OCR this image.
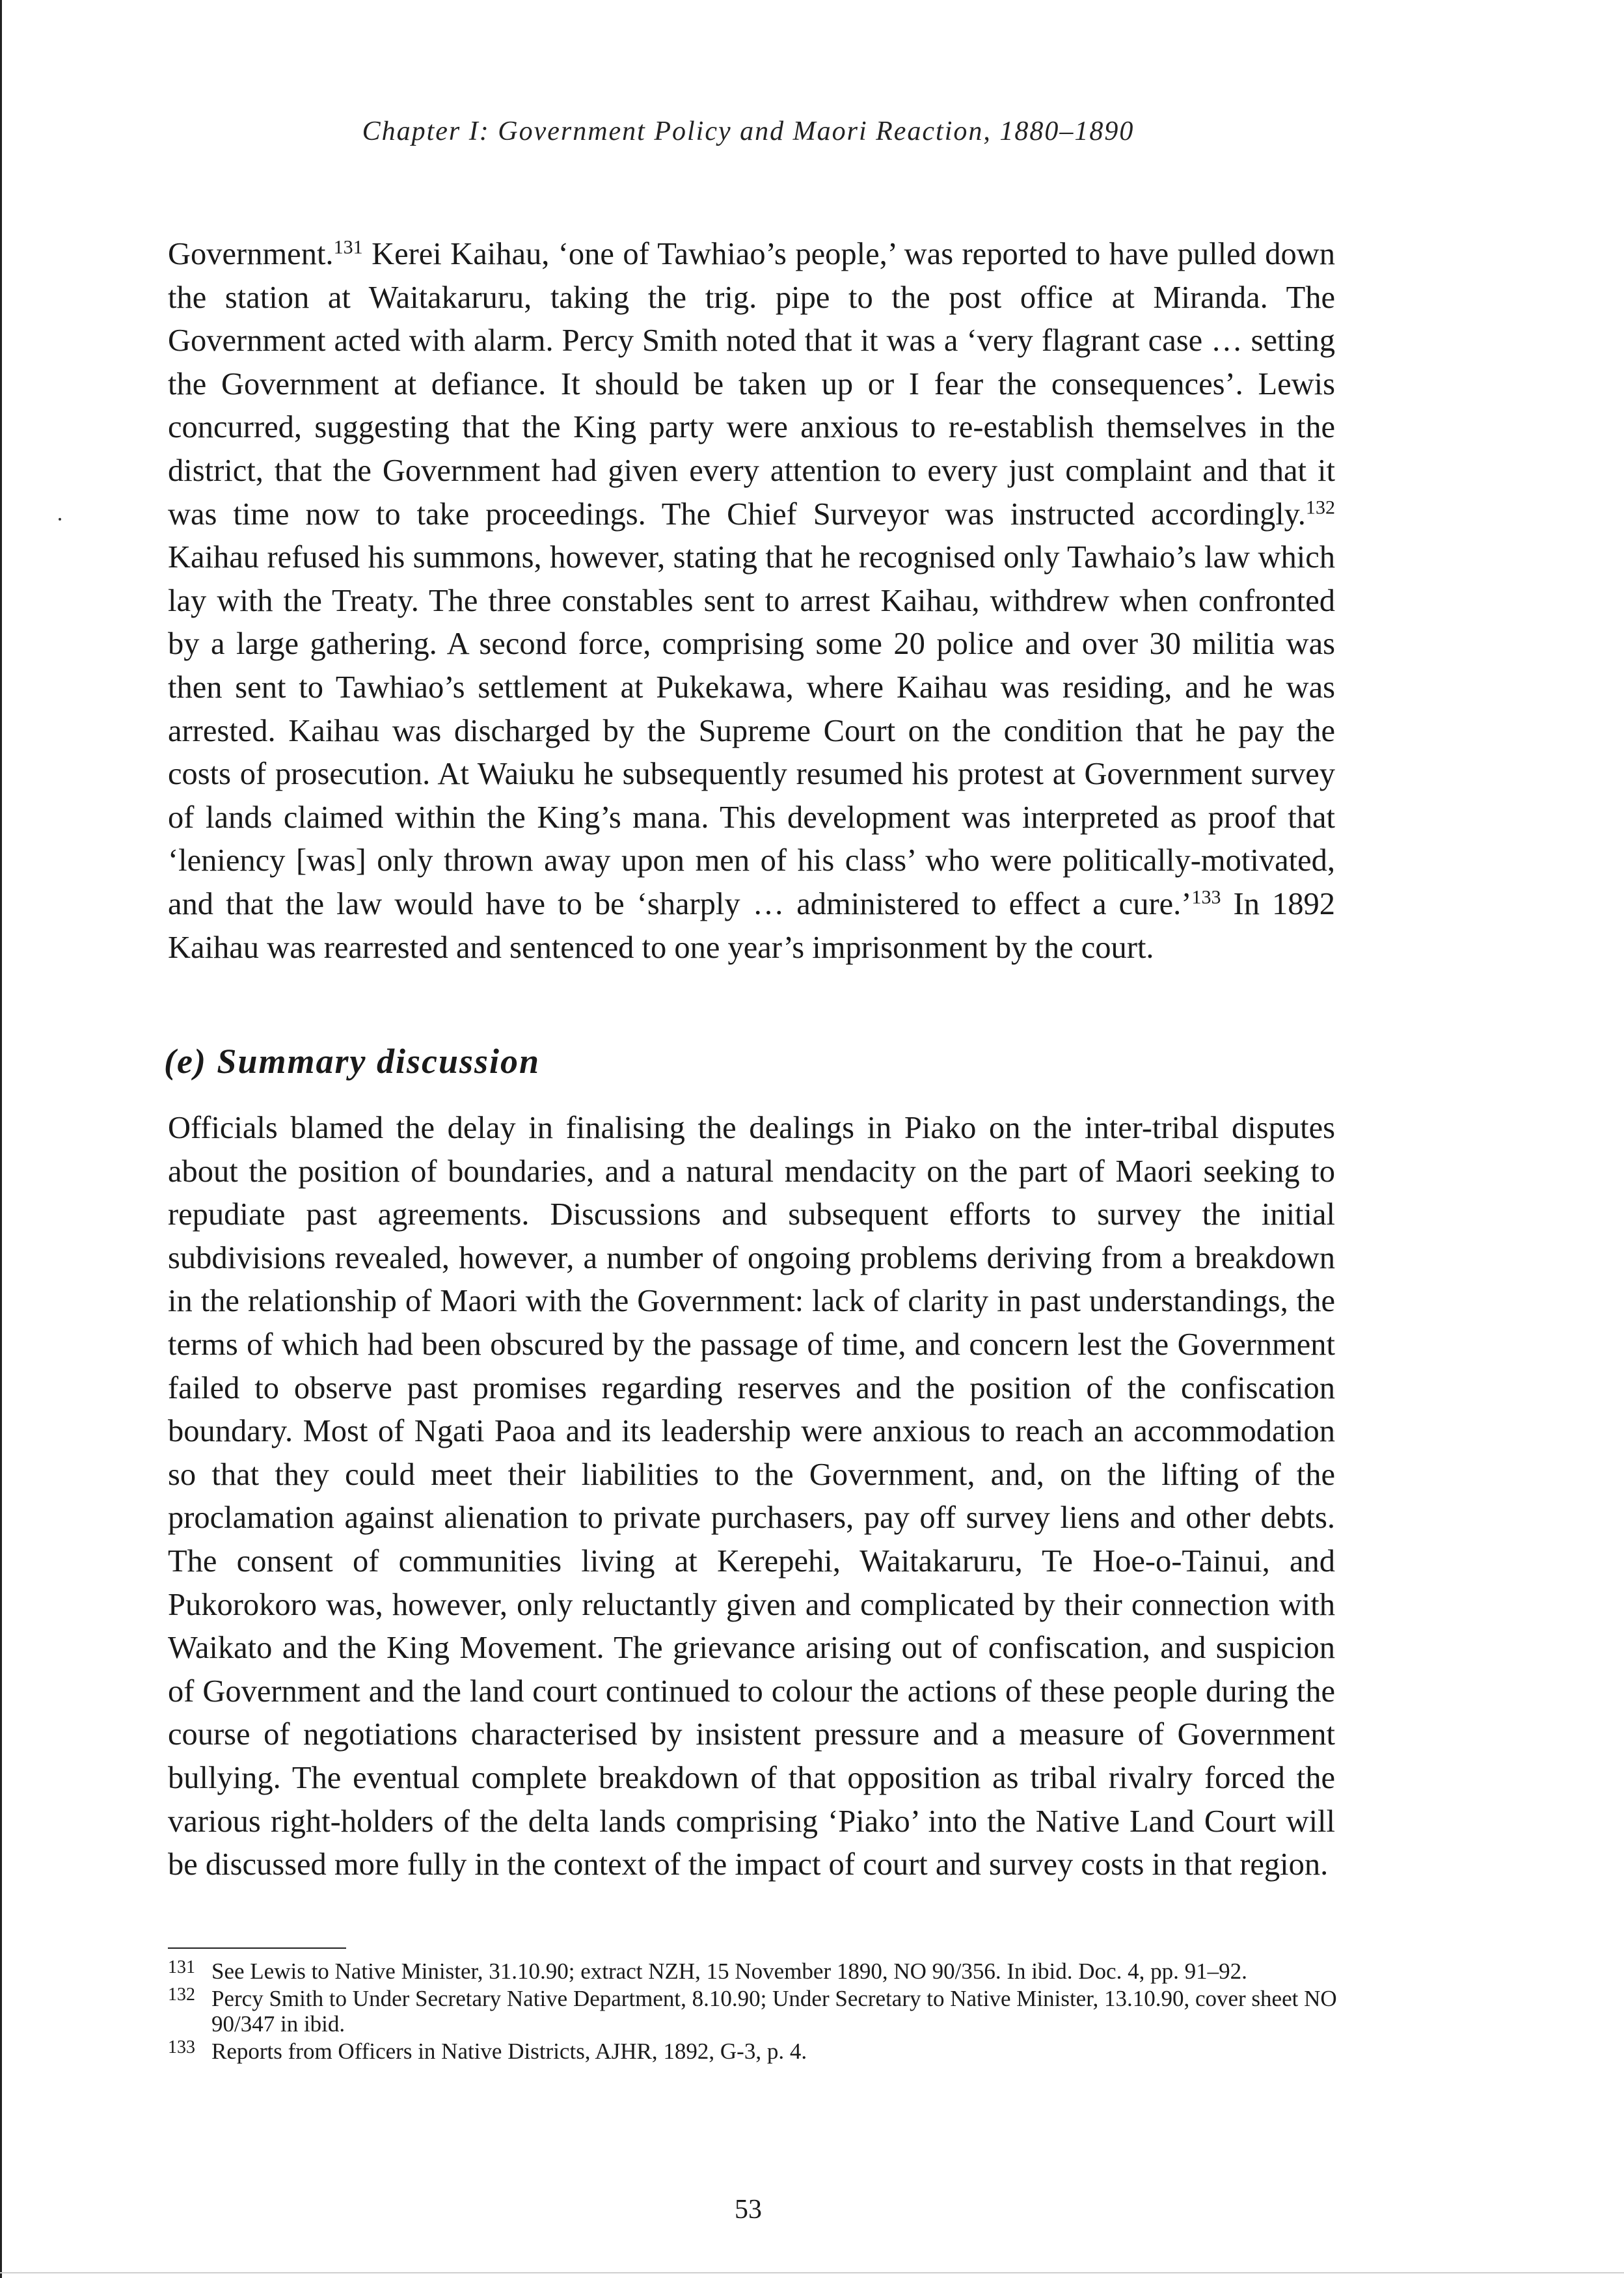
Chapter I: Government Policy and Maori Reaction, 1880–1890

Government.$^{131}$ Kerei Kaihau, ‘one of Tawhiao’s people,’ was reported to have pulled down the station at Waitakaruru, taking the trig. pipe to the post office at Miranda. The Government acted with alarm. Percy Smith noted that it was a ‘very flagrant case … setting the Government at defiance. It should be taken up or I fear the consequences’. Lewis concurred, suggesting that the King party were anxious to re-establish themselves in the district, that the Government had given every attention to every just complaint and that it was time now to take proceedings. The Chief Surveyor was instructed accordingly.$^{132}$ Kaihau refused his summons, however, stating that he recognised only Tawhaio’s law which lay with the Treaty. The three constables sent to arrest Kaihau, withdrew when confronted by a large gathering. A second force, comprising some 20 police and over 30 militia was then sent to Tawhiao’s settlement at Pukekawa, where Kaihau was residing, and he was arrested. Kaihau was discharged by the Supreme Court on the condition that he pay the costs of prosecution. At Waiuku he subsequently resumed his protest at Government survey of lands claimed within the King’s mana. This development was interpreted as proof that ‘leniency [was] only thrown away upon men of his class’ who were politically-motivated, and that the law would have to be ‘sharply … administered to effect a cure.’$^{133}$ In 1892 Kaihau was rearrested and sentenced to one year’s imprisonment by the court.

(e) Summary discussion

Officials blamed the delay in finalising the dealings in Piako on the inter-tribal disputes about the position of boundaries, and a natural mendacity on the part of Maori seeking to repudiate past agreements. Discussions and subsequent efforts to survey the initial subdivisions revealed, however, a number of ongoing problems deriving from a breakdown in the relationship of Maori with the Government: lack of clarity in past understandings, the terms of which had been obscured by the passage of time, and concern lest the Government failed to observe past promises regarding reserves and the position of the confiscation boundary. Most of Ngati Paoa and its leadership were anxious to reach an accommodation so that they could meet their liabilities to the Government, and, on the lifting of the proclamation against alienation to private purchasers, pay off survey liens and other debts. The consent of communities living at Kerepehi, Waitakaruru, Te Hoe-o-Tainui, and Pukorokoro was, however, only reluctantly given and complicated by their connection with Waikato and the King Movement. The grievance arising out of confiscation, and suspicion of Government and the land court continued to colour the actions of these people during the course of negotiations characterised by insistent pressure and a measure of Government bullying. The eventual complete breakdown of that opposition as tribal rivalry forced the various right-holders of the delta lands comprising ‘Piako’ into the Native Land Court will be discussed more fully in the context of the impact of court and survey costs in that region.

131 See Lewis to Native Minister, 31.10.90; extract NZH, 15 November 1890, NO 90/356. In ibid. Doc. 4, pp. 91–92.
132 Percy Smith to Under Secretary Native Department, 8.10.90; Under Secretary to Native Minister, 13.10.90, cover sheet NO 90/347 in ibid.
133 Reports from Officers in Native Districts, AJHR, 1892, G-3, p. 4.
53
